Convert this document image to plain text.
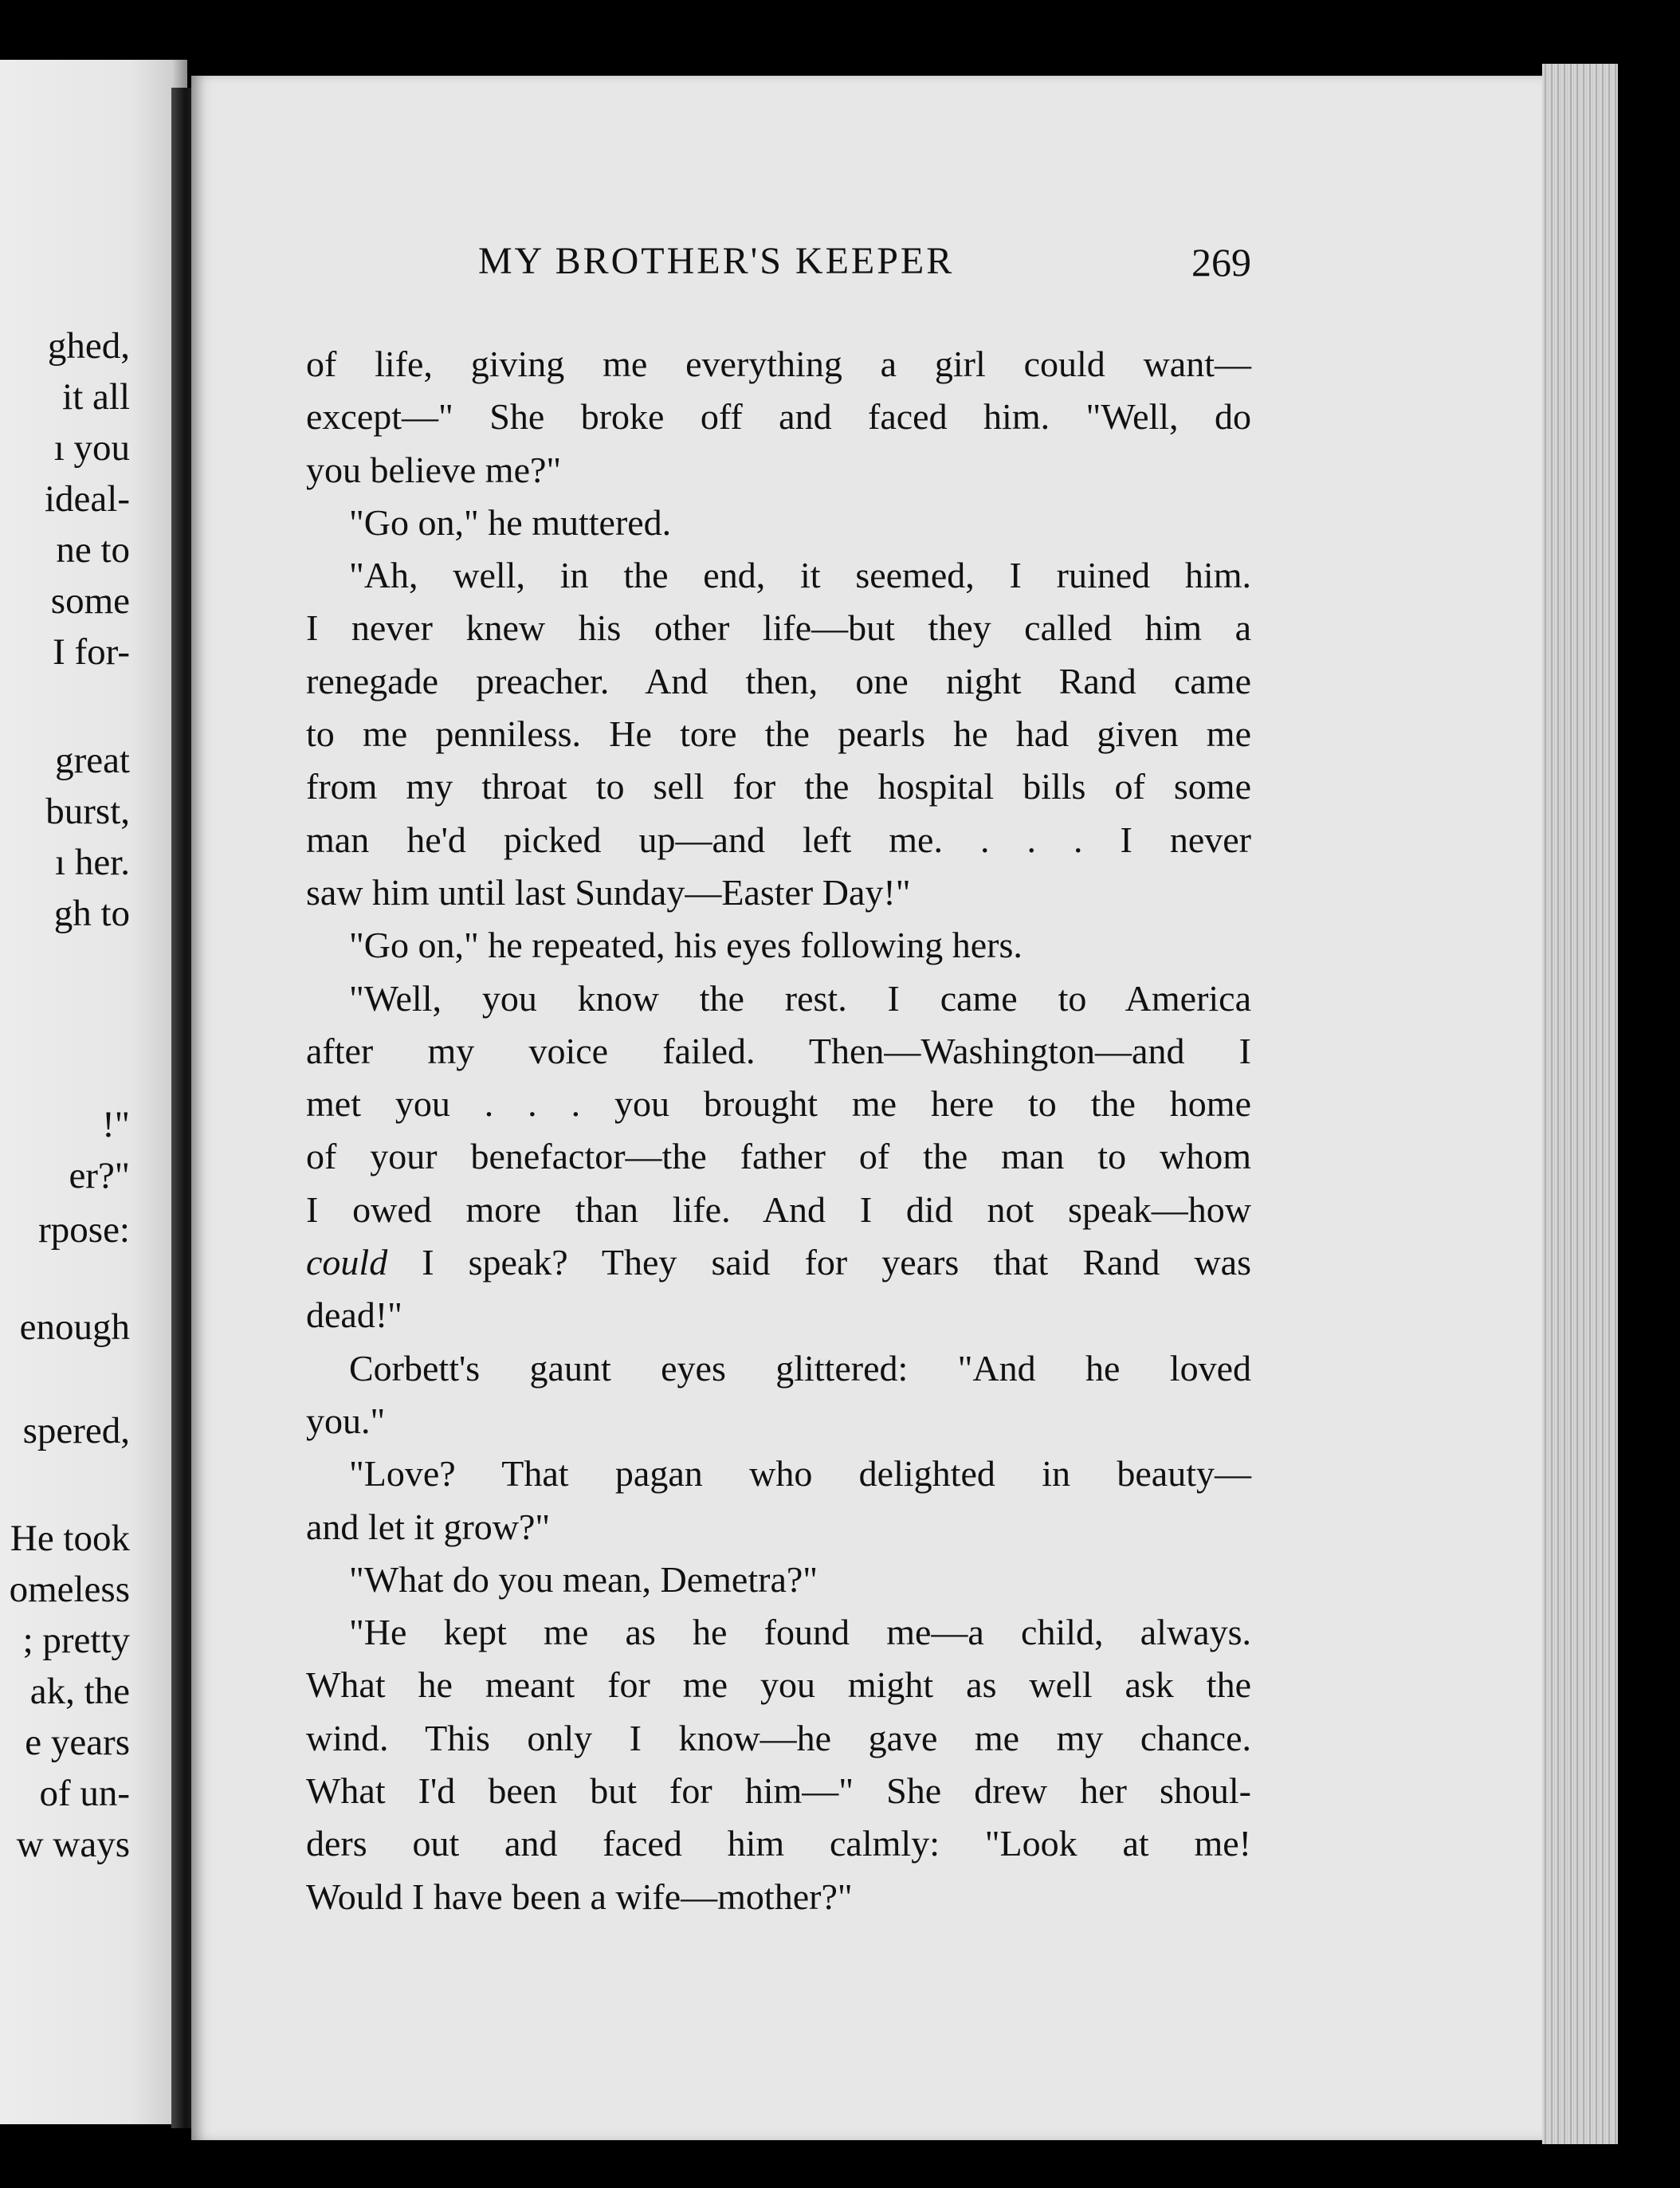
ghed,

it all

ı you

ideal-

ne to

some

I for-

great

burst,

ı her.

gh to

!"

er?"

rpose:

enough

spered,

He took

omeless

; pretty

ak, the

e years

of un-

w ways

MY BROTHER'S KEEPER	269

of life, giving me everything a girl could want—

except—" She broke off and faced him. "Well, do

you believe me?"

"Go on," he muttered.

"Ah, well, in the end, it seemed, I ruined him.

I never knew his other life—but they called him a

renegade preacher. And then, one night Rand came

to me penniless. He tore the pearls he had given me

from my throat to sell for the hospital bills of some

man he'd picked up—and left me. . . . I never

saw him until last Sunday—Easter Day!"

"Go on," he repeated, his eyes following hers.

"Well, you know the rest. I came to America

after my voice failed. Then—Washington—and I

met you . . . you brought me here to the home

of your benefactor—the father of the man to whom

I owed more than life. And I did not speak—how

could I speak? They said for years that Rand was

dead!"

Corbett's gaunt eyes glittered: "And he loved

you."

"Love? That pagan who delighted in beauty—

and let it grow?"

"What do you mean, Demetra?"

"He kept me as he found me—a child, always.

What he meant for me you might as well ask the

wind. This only I know—he gave me my chance.

What I'd been but for him—" She drew her shoul-

ders out and faced him calmly: "Look at me!

Would I have been a wife—mother?"
